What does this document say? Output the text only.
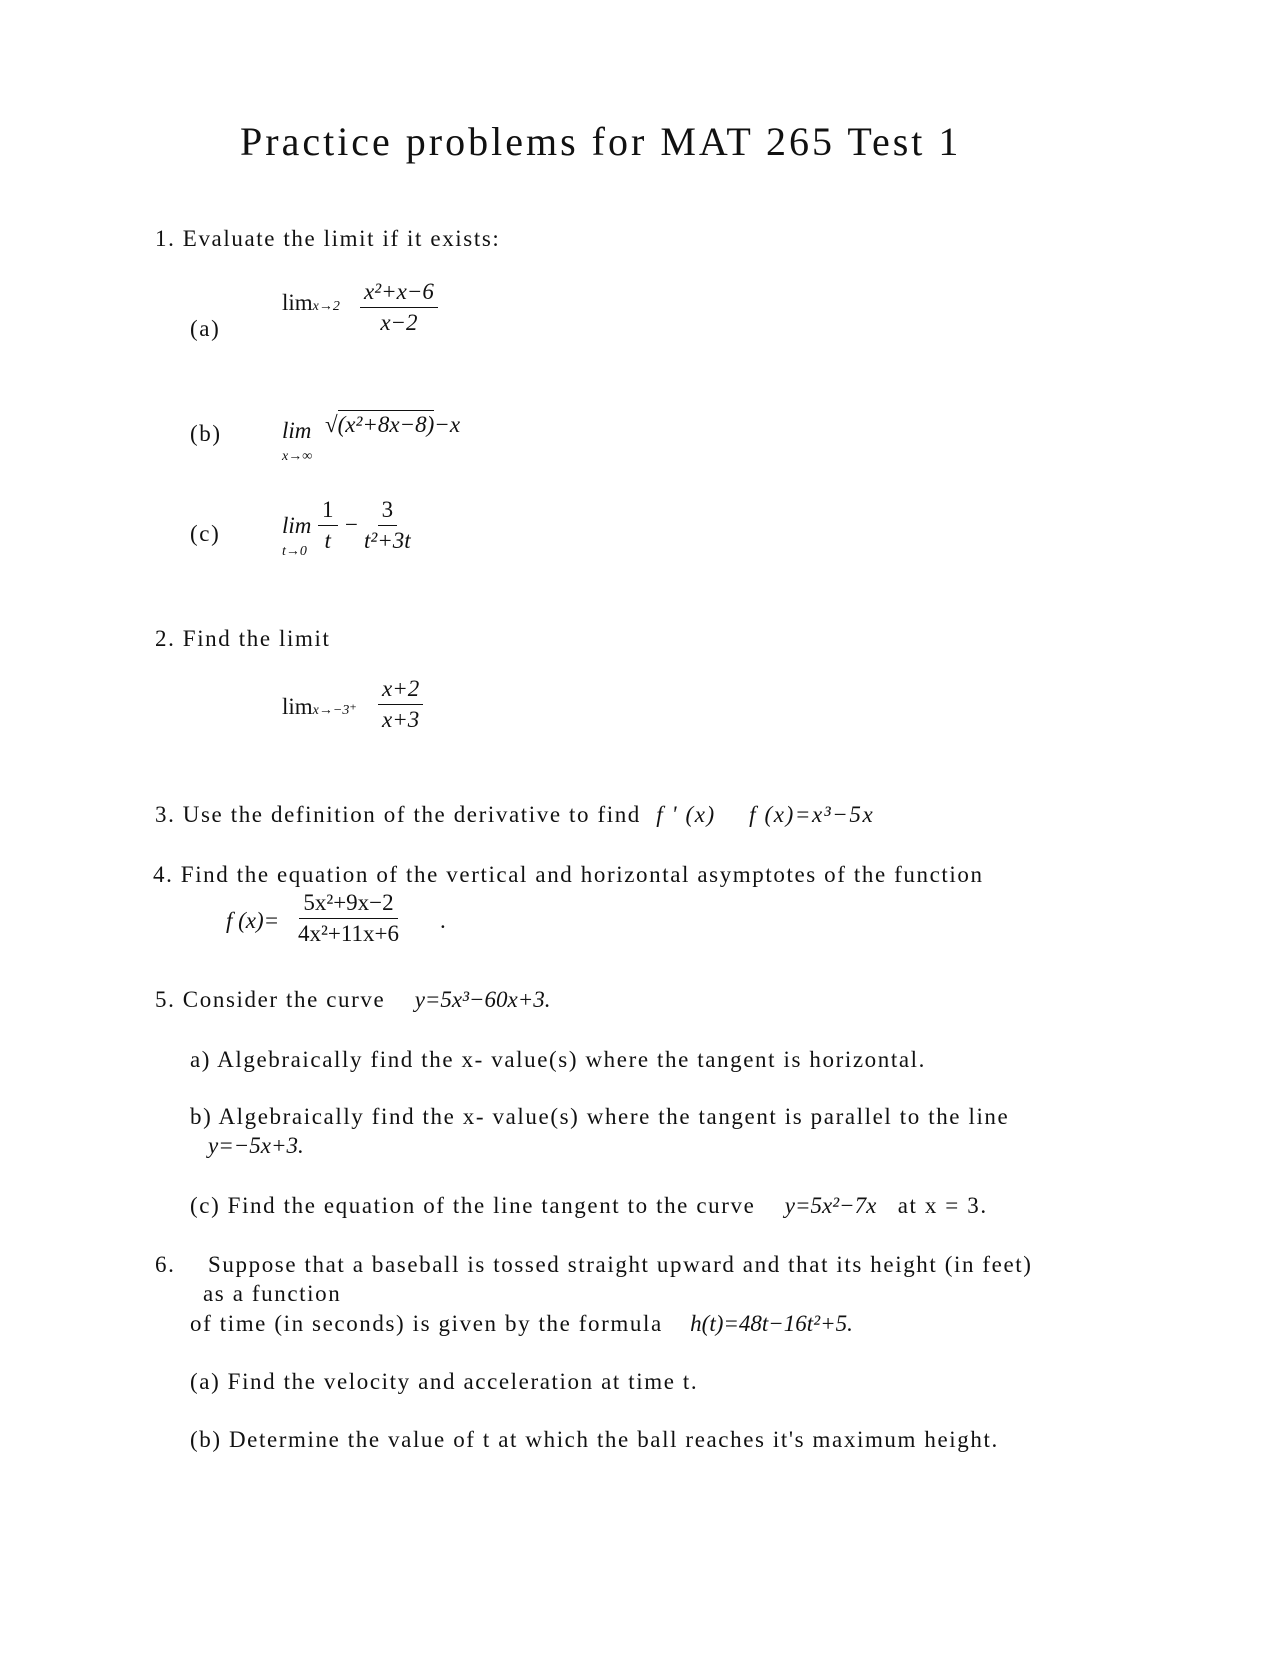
Practice problems for MAT 265 Test 1
1. Evaluate the limit if it exists:
(a)
$\lim x\to 2 \frac{\text{x²+x−6}}{x-2}$
(b)	lim
x→∞
√(x²+8x−8)−x
(c)	lim
$t\to 0 \frac{1}{t} - \frac{3}{\text{t²+3t}}$
2. Find the limit
$\lim x\to-3^+ \frac{x+2}{x+3}$
3. Use the definition of the derivative to find f ' (x) f (x)=x³−5x
4. Find the equation of the vertical and horizontal asymptotes of the function
f $(x)= \frac{\text{5x²+9x−2}}{\text{4x²+11x+6}}$ .
5. Consider the curve y=5x³−60x+3.
a) Algebraically find the x- value(s) where the tangent is horizontal.
b) Algebraically find the x- value(s) where the tangent is parallel to the line
y=−5x+3.
(c) Find the equation of the line tangent to the curve y=5x²−7x at x = 3.
6. Suppose that a baseball is tossed straight upward and that its height (in feet)
as a function
of time (in seconds) is given by the formula h(t)=48t−16t²+5.
(a) Find the velocity and acceleration at time t.
(b) Determine the value of t at which the ball reaches it's maximum height.
